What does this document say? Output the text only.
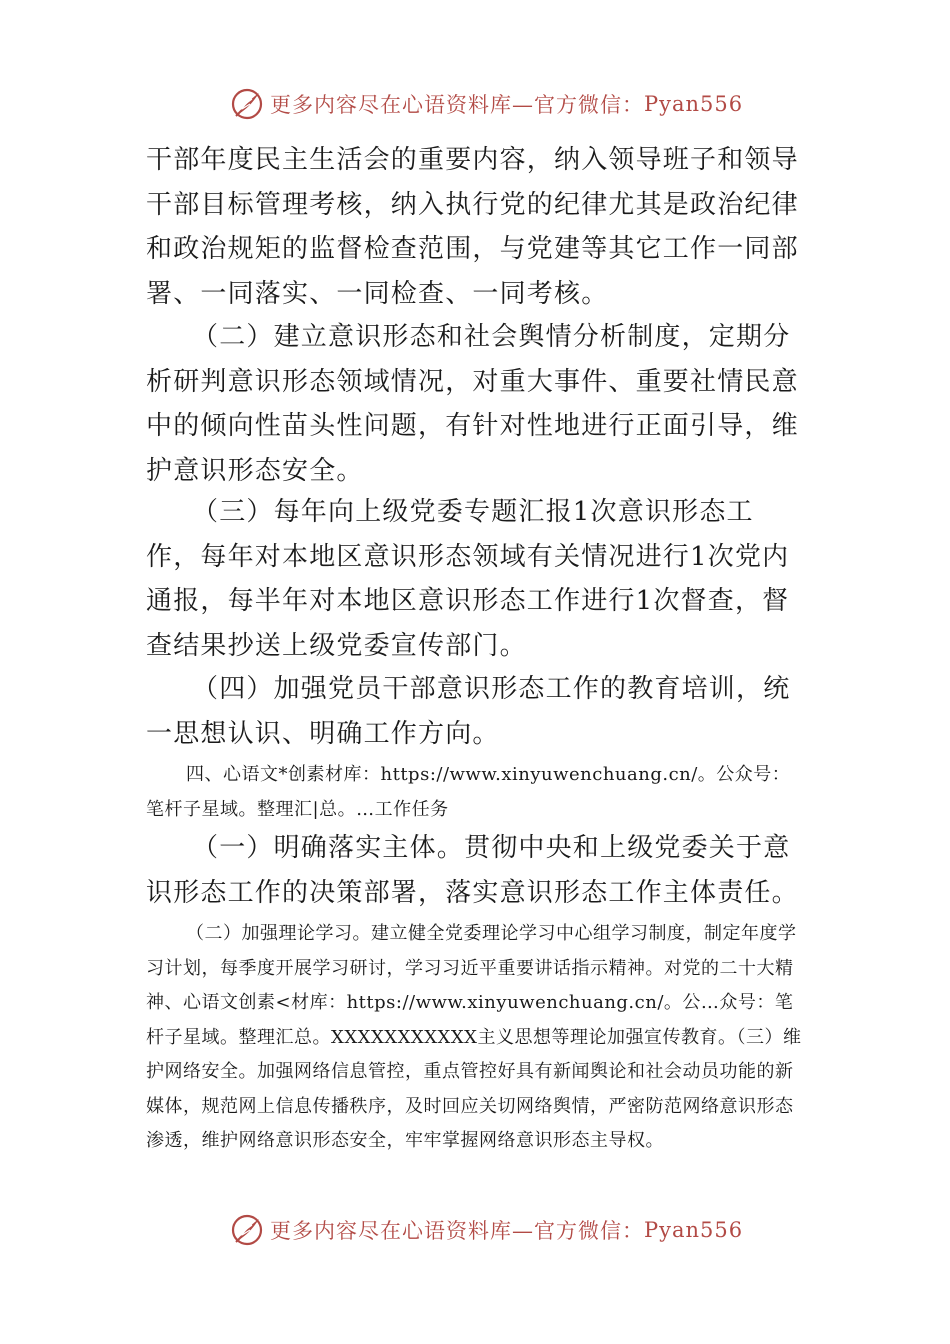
更多内容尽在心语资料库—官方微信： Pyan556

干部年度民主生活会的重要内容，纳入领导班子和领导干部目标管理考核，纳入执行党的纪律尤其是政治纪律和政治规矩的监督检查范围，与党建等其它工作一同部署、一同落实、一同检查、一同考核。

（二）建立意识形态和社会舆情分析制度，定期分析研判意识形态领域情况，对重大事件、重要社情民意中的倾向性苗头性问题，有针对性地进行正面引导，维护意识形态安全。

（三）每年向上级党委专题汇报1次意识形态工作，每年对本地区意识形态领域有关情况进行1次党内通报，每半年对本地区意识形态工作进行1次督查，督查结果抄送上级党委宣传部门。

（四）加强党员干部意识形态工作的教育培训，统一思想认识、明确工作方向。

四、心语文*创素材库：https://www.xinyuwenchuang.cn/。公众号：笔杆子星域。整理汇|总。…工作任务

（一）明确落实主体。贯彻中央和上级党委关于意识形态工作的决策部署，落实意识形态工作主体责任。

（二）加强理论学习。建立健全党委理论学习中心组学习制度，制定年度学习计划，每季度开展学习研讨，学习习近平重要讲话指示精神。对党的二十大精神、心语文创素<材库：https://www.xinyuwenchuang.cn/。公…众号：笔杆子星域。整理汇总。XXXXXXXXXXX主义思想等理论加强宣传教育。（三）维护网络安全。加强网络信息管控，重点管控好具有新闻舆论和社会动员功能的新媒体，规范网上信息传播秩序，及时回应关切网络舆情，严密防范网络意识形态渗透，维护网络意识形态安全，牢牢掌握网络意识形态主导权。

更多内容尽在心语资料库—官方微信： Pyan556
